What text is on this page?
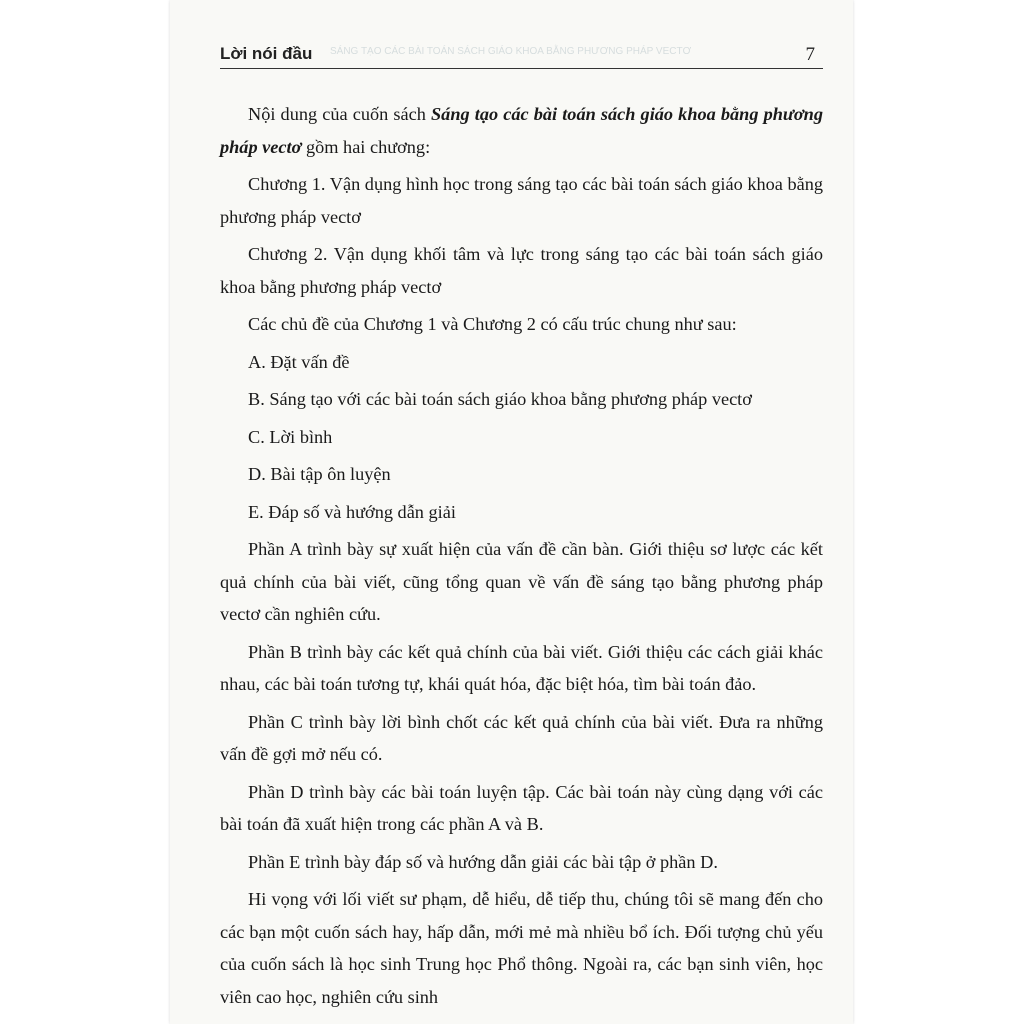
Lời nói đầu	7
SÁNG TẠO CÁC BÀI TOÁN SÁCH GIÁO KHOA BẰNG PHƯƠNG PHÁP VECTƠ

Nội dung của cuốn sách Sáng tạo các bài toán sách giáo khoa bằng phương pháp vectơ gồm hai chương:

Chương 1. Vận dụng hình học trong sáng tạo các bài toán sách giáo khoa bằng phương pháp vectơ

Chương 2. Vận dụng khối tâm và lực trong sáng tạo các bài toán sách giáo khoa bằng phương pháp vectơ

Các chủ đề của Chương 1 và Chương 2 có cấu trúc chung như sau:

A. Đặt vấn đề

B. Sáng tạo với các bài toán sách giáo khoa bằng phương pháp vectơ

C. Lời bình

D. Bài tập ôn luyện

E. Đáp số và hướng dẫn giải

Phần A trình bày sự xuất hiện của vấn đề cần bàn. Giới thiệu sơ lược các kết quả chính của bài viết, cũng tổng quan về vấn đề sáng tạo bằng phương pháp vectơ cần nghiên cứu.

Phần B trình bày các kết quả chính của bài viết. Giới thiệu các cách giải khác nhau, các bài toán tương tự, khái quát hóa, đặc biệt hóa, tìm bài toán đảo.

Phần C trình bày lời bình chốt các kết quả chính của bài viết. Đưa ra những vấn đề gợi mở nếu có.

Phần D trình bày các bài toán luyện tập. Các bài toán này cùng dạng với các bài toán đã xuất hiện trong các phần A và B.

Phần E trình bày đáp số và hướng dẫn giải các bài tập ở phần D.

Hi vọng với lối viết sư phạm, dễ hiểu, dễ tiếp thu, chúng tôi sẽ mang đến cho các bạn một cuốn sách hay, hấp dẫn, mới mẻ mà nhiều bổ ích. Đối tượng chủ yếu của cuốn sách là học sinh Trung học Phổ thông. Ngoài ra, các bạn sinh viên, học viên cao học, nghiên cứu sinh
